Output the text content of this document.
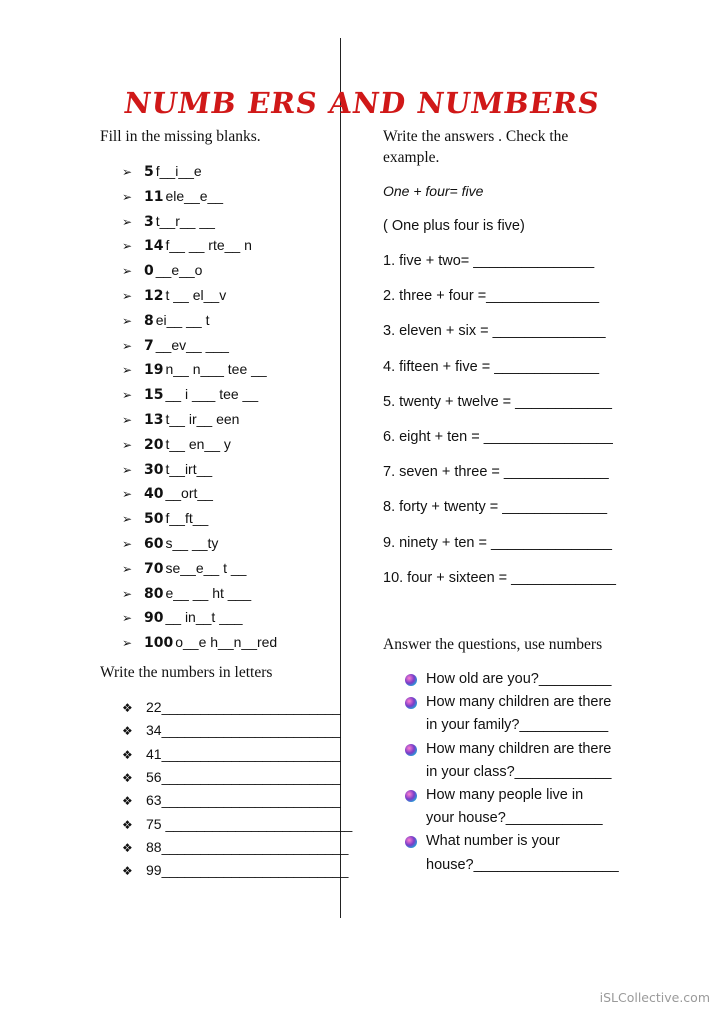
NUMB ERS AND NUMBERS
Fill in the missing blanks.
➢ 5 f__i__e
➢ 11 ele__e__
➢ 3 t__r__ __
➢ 14 f__ __ rte__ n
➢ 0 __e__o
➢ 12 t __ el__v
➢ 8 ei__ __ t
➢ 7 __ev__ ___
➢ 19 n__ n___ tee __
➢ 15 __ i ___ tee __
➢ 13 t__ ir__ een
➢ 20 t__ en__ y
➢ 30 t__irt__
➢ 40 __ort__
➢ 50 f__ft__
➢ 60 s__ __ty
➢ 70 se__e__ t __
➢ 80 e__ __ ht ___
➢ 90 __ in__t ___
➢ 100 o__e h__n__red
Write the numbers in letters
❖ 22_______________________
❖ 34_______________________
❖ 41_______________________
❖ 56_______________________
❖ 63_______________________
❖ 75 ________________________
❖ 88________________________
❖ 99________________________
Write the answers . Check the
example.
One + four= five
( One plus four is five)
1. five + two= _______________
2. three + four =______________
3. eleven + six = ______________
4. fifteen + five = _____________
5. twenty + twelve = ____________
6. eight + ten = ________________
7. seven + three = _____________
8. forty + twenty = _____________
9. ninety + ten = _______________
10. four + sixteen = _____________
Answer the questions, use numbers
How old are you?_________
How many children are there
in your family?___________
How many children are there
in your class?____________
How many people live in
your house?____________
What number is your
house?__________________
iSLCollective.com
